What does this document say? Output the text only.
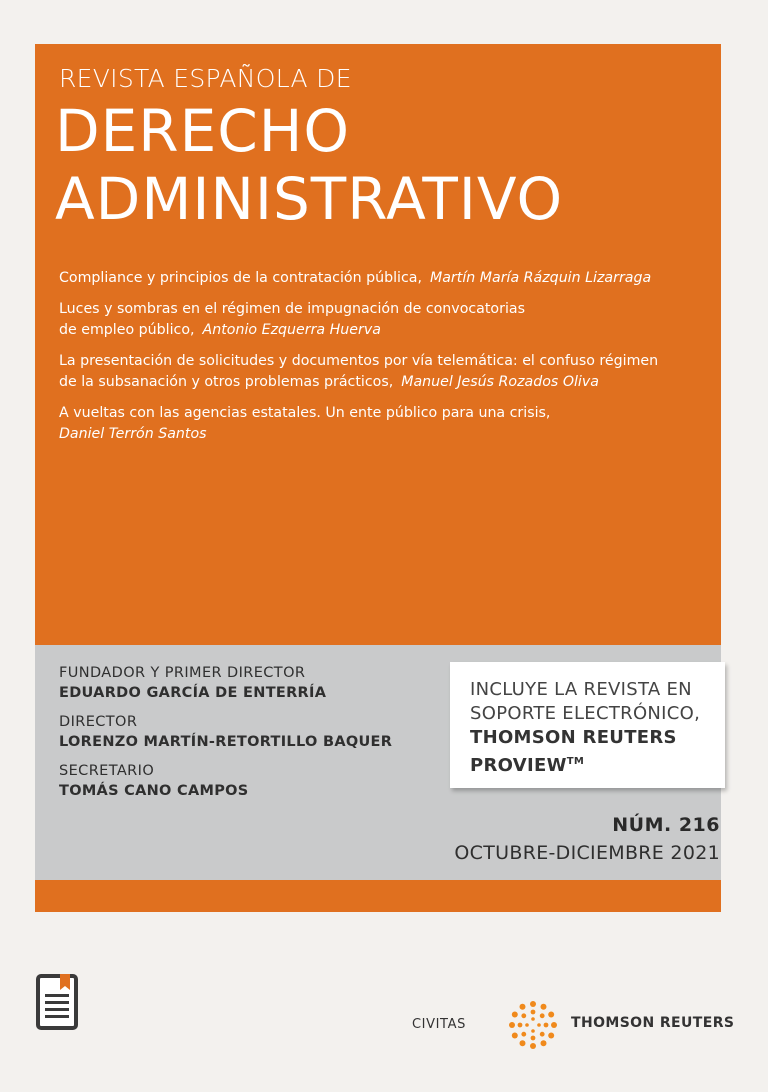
REVISTA ESPAÑOLA DE
DERECHO
ADMINISTRATIVO
Compliance y principios de la contratación pública, Martín María Rázquin Lizarraga
Luces y sombras en el régimen de impugnación de convocatorias de empleo público, Antonio Ezquerra Huerva
La presentación de solicitudes y documentos por vía telemática: el confuso régimen de la subsanación y otros problemas prácticos, Manuel Jesús Rozados Oliva
A vueltas con las agencias estatales. Un ente público para una crisis,
Daniel Terrón Santos
FUNDADOR Y PRIMER DIRECTOR
EDUARDO GARCÍA DE ENTERRÍA
DIRECTOR
LORENZO MARTÍN-RETORTILLO BAQUER
SECRETARIO
TOMÁS CANO CAMPOS
INCLUYE LA REVISTA EN
SOPORTE ELECTRÓNICO,
THOMSON REUTERS
PROVIEW™
NÚM. 216
OCTUBRE-DICIEMBRE 2021
CIVITAS	THOMSON REUTERS
